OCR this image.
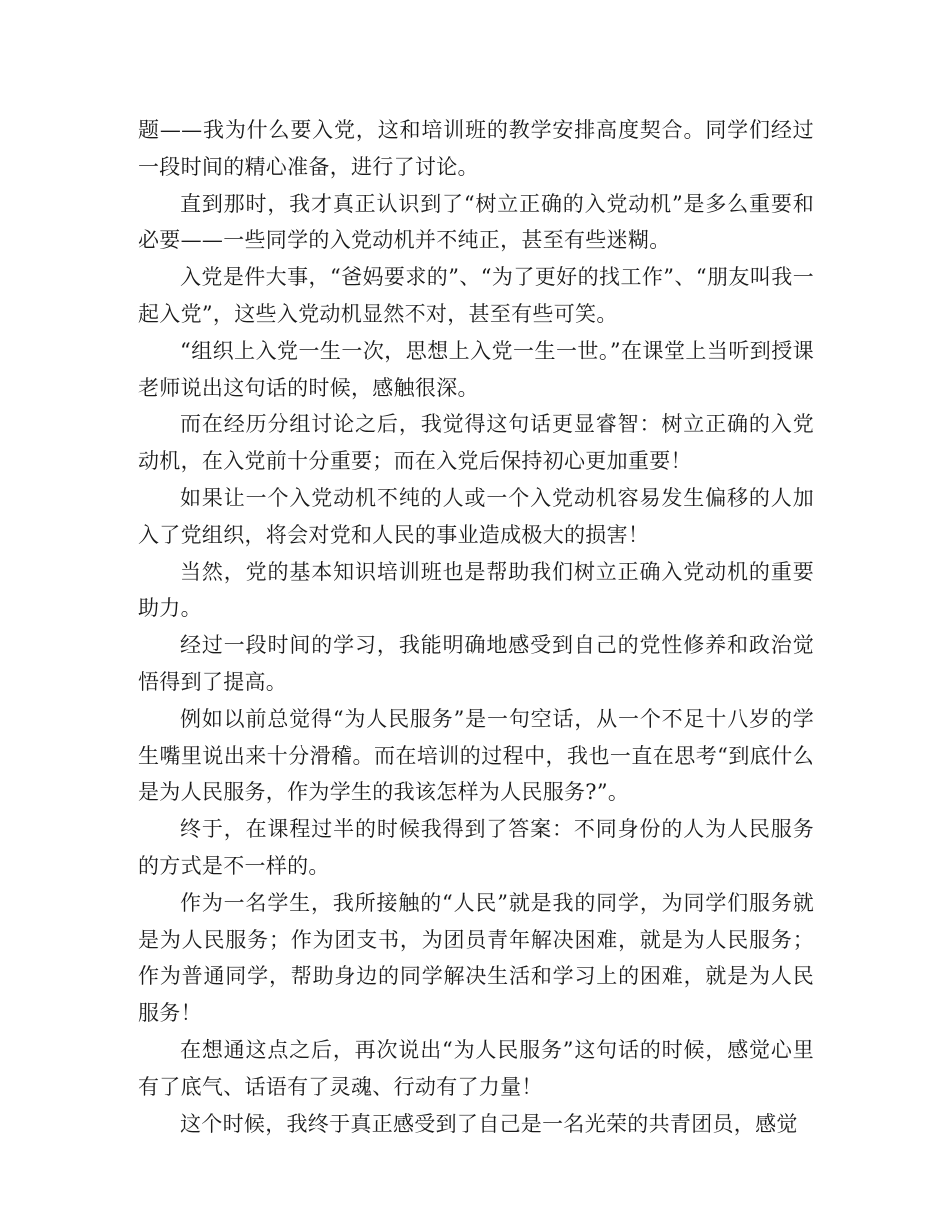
题——我为什么要入党，这和培训班的教学安排高度契合。同学们经过一段时间的精心准备，进行了讨论。

直到那时，我才真正认识到了“树立正确的入党动机”是多么重要和必要——一些同学的入党动机并不纯正，甚至有些迷糊。

入党是件大事，“爸妈要求的”、“为了更好的找工作”、“朋友叫我一起入党”，这些入党动机显然不对，甚至有些可笑。

“组织上入党一生一次，思想上入党一生一世。”在课堂上当听到授课老师说出这句话的时候，感触很深。

而在经历分组讨论之后，我觉得这句话更显睿智：树立正确的入党动机，在入党前十分重要；而在入党后保持初心更加重要！

如果让一个入党动机不纯的人或一个入党动机容易发生偏移的人加入了党组织，将会对党和人民的事业造成极大的损害！

当然，党的基本知识培训班也是帮助我们树立正确入党动机的重要助力。

经过一段时间的学习，我能明确地感受到自己的党性修养和政治觉悟得到了提高。

例如以前总觉得“为人民服务”是一句空话，从一个不足十八岁的学生嘴里说出来十分滑稽。而在培训的过程中，我也一直在思考“到底什么是为人民服务，作为学生的我该怎样为人民服务?”。

终于，在课程过半的时候我得到了答案：不同身份的人为人民服务的方式是不一样的。

作为一名学生，我所接触的“人民”就是我的同学，为同学们服务就是为人民服务；作为团支书，为团员青年解决困难，就是为人民服务；作为普通同学，帮助身边的同学解决生活和学习上的困难，就是为人民服务！

在想通这点之后，再次说出“为人民服务”这句话的时候，感觉心里有了底气、话语有了灵魂、行动有了力量！

这个时候，我终于真正感受到了自己是一名光荣的共青团员，感觉
